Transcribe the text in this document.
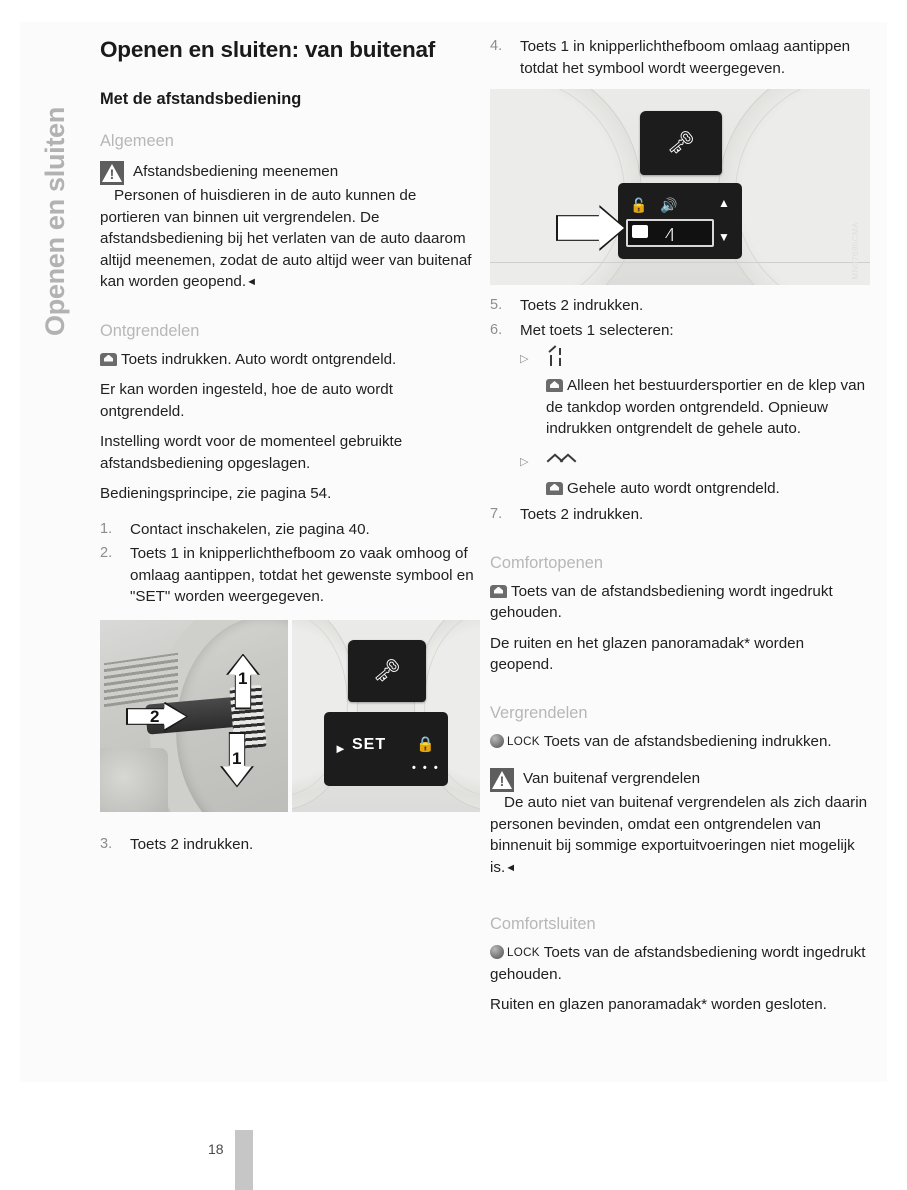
Openen en sluiten
Openen en sluiten: van buitenaf
Met de afstandsbediening
Algemeen
!
Afstandsbediening meenemen

Personen of huisdieren in de auto kunnen de portieren van binnen uit vergrendelen. De afstandsbediening bij het verlaten van de auto daarom altijd meenemen, zodat de auto altijd weer van buitenaf kan worden geopend.◄

Ontgrendelen

Toets indrukken. Auto wordt ontgrendeld.

Er kan worden ingesteld, hoe de auto wordt ontgrendeld.

Instelling wordt voor de momenteel gebruikte afstandsbediening opgeslagen.

Bedieningsprincipe, zie pagina 54.

1.	Contact inschakelen, zie pagina 40.
2.	Toets 1 in knipperlichthefboom zo vaak omhoog of omlaag aantippen, totdat het gewenste symbool en "SET" worden weergegeven.
2
1
1
🗝
► SET 🔒
• • •
3.	Toets 2 indrukken.
4.	Toets 1 in knipperlichthefboom omlaag aantippen totdat het symbool wordt weergegeven.
🗝
🔓 🔊	▲
▼
⁄|	MN07695CMA
5.	Toets 2 indrukken.
6.	Met toets 1 selecteren:
▷
Alleen het bestuurdersportier en de klep van de tankdop worden ontgrendeld. Opnieuw indrukken ontgrendelt de gehele auto.
▷
Gehele auto wordt ontgrendeld.
7.	Toets 2 indrukken.
Comfortopenen

Toets van de afstandsbediening wordt ingedrukt gehouden.

De ruiten en het glazen panoramadak* worden geopend.

Vergrendelen

LOCK Toets van de afstandsbediening indrukken.

!
Van buitenaf vergrendelen

De auto niet van buitenaf vergrendelen als zich daarin personen bevinden, omdat een ontgrendelen van binnenuit bij sommige exportuitvoeringen niet mogelijk is.◄

Comfortsluiten

LOCK Toets van de afstandsbediening wordt ingedrukt gehouden.

Ruiten en glazen panoramadak* worden gesloten.

18
